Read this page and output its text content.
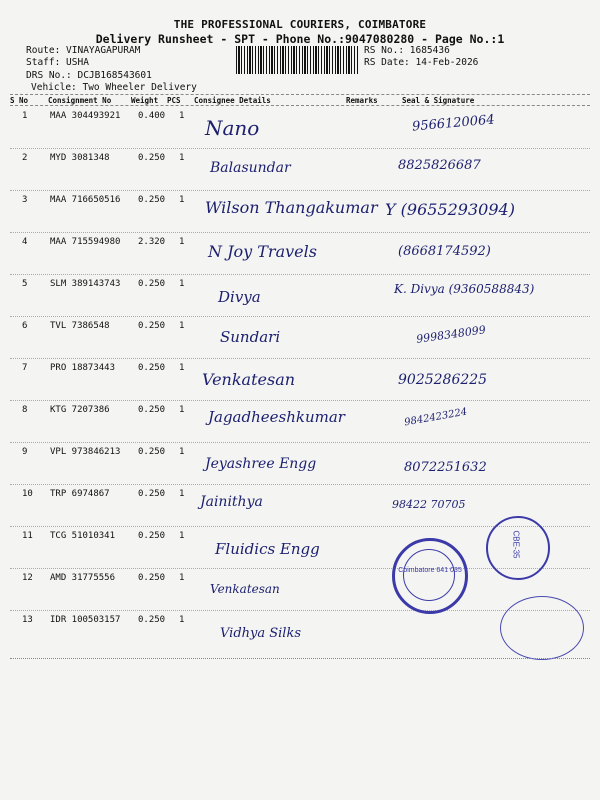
THE PROFESSIONAL COURIERS, COIMBATORE
Delivery Runsheet - SPT - Phone No.:9047080280 - Page No.:1
Route: VINAYAGAPURAM
Staff: USHA
DRS No.: DCJB168543601
Vehicle: Two Wheeler Delivery
RS No.: 1685436
RS Date: 14-Feb-2026
S No	Consignment No	Weight PCS Consignee Details	Remarks	Seal & Signature
1	MAA 304493921 0.400 1 Nano	9566120064
2	MYD 3081348	0.250 1
Balasundar	8825826687
3	MAA 716650516 0.250 1 Wilson Thangakumar Y (9655293094)
4	MAA 715594980 2.320 1 N Joy Travels	(8668174592)
5	SLM 389143743 0.250 1
Divya	K. Divya (9360588843)
6	TVL 7386548	0.250 1
Sundari	9998348099
7	PRO 18873443	0.250 1
Venkatesan	9025286225
8	KTG 7207386	0.250 1 Jagadheeshkumar	9842423224
9	VPL 973846213 0.250 1
Jeyashree Engg	8072251632
10 TRP 6974867	0.250 1 Jainithya	98422 70705
11 TCG 51010341	0.250 1
Fluidics Engg
12 AMD 31775556	0.250 1
Venkatesan
13 IDR 100503157 0.250 1
Vidhya Silks
Coimbatore 641 035
CBE-35
